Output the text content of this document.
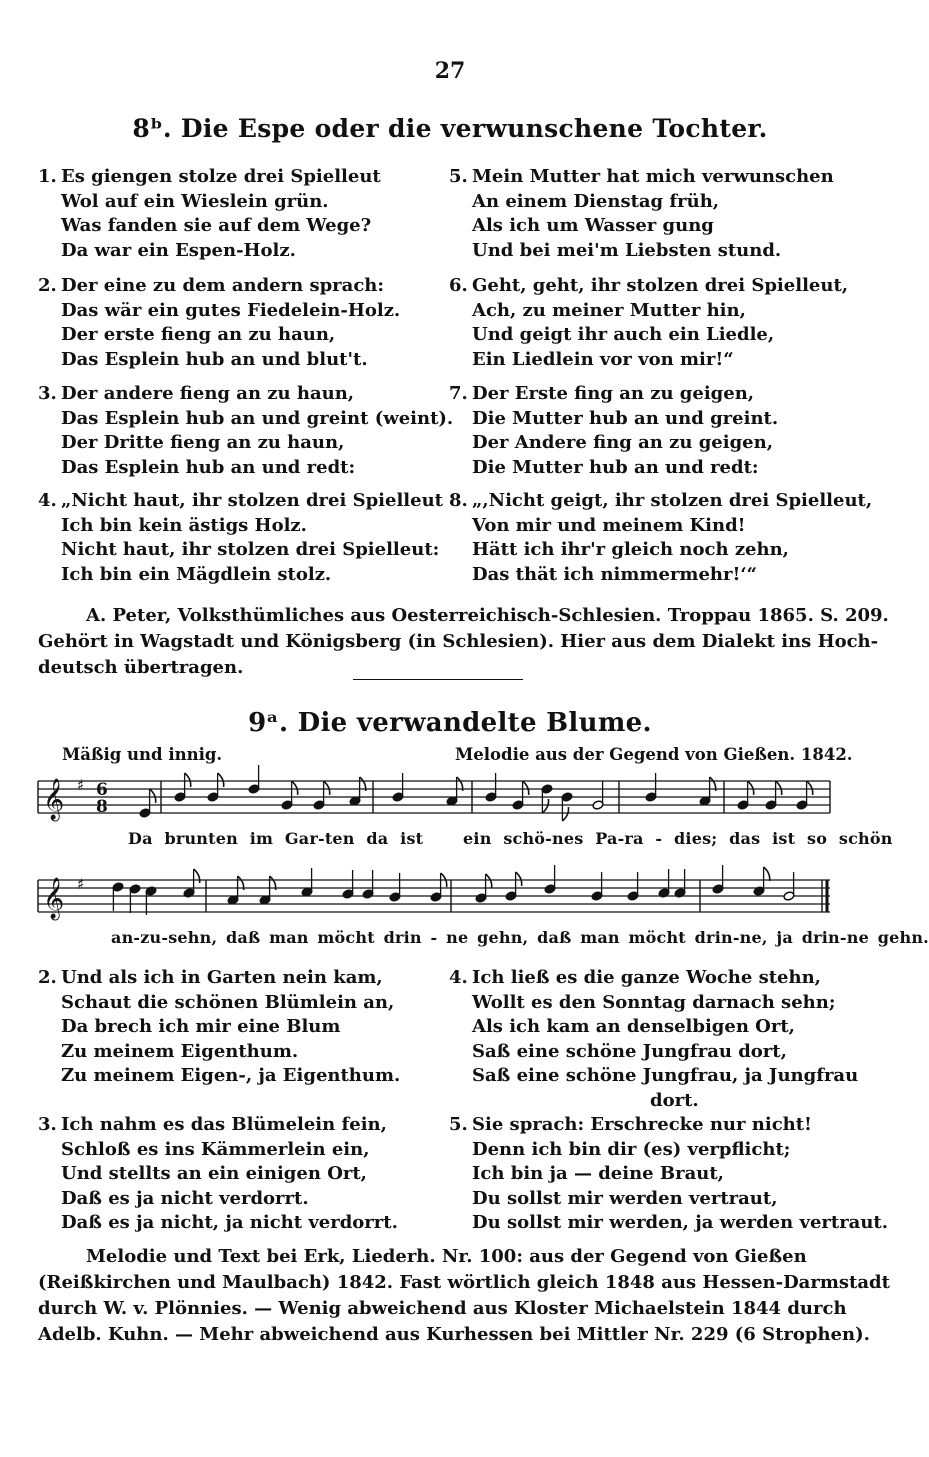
27
8ᵇ. Die Espe oder die verwunschene Tochter.
1. Es giengen stolze drei Spielleut
Wol auf ein Wieslein grün.
Was fanden sie auf dem Wege?
Da war ein Espen-Holz.
2. Der eine zu dem andern sprach:
Das wär ein gutes Fiedelein-Holz.
Der erste fieng an zu haun,
Das Esplein hub an und blut't.
3. Der andere fieng an zu haun,
Das Esplein hub an und greint (weint).
Der Dritte fieng an zu haun,
Das Esplein hub an und redt:
4. „Nicht haut, ihr stolzen drei Spielleut
Ich bin kein ästigs Holz.
Nicht haut, ihr stolzen drei Spielleut:
Ich bin ein Mägdlein stolz.
5. Mein Mutter hat mich verwunschen
An einem Dienstag früh,
Als ich um Wasser gung
Und bei mei'm Liebsten stund.
6. Geht, geht, ihr stolzen drei Spielleut,
Ach, zu meiner Mutter hin,
Und geigt ihr auch ein Liedle,
Ein Liedlein vor von mir!“
7. Der Erste fing an zu geigen,
Die Mutter hub an und greint.
Der Andere fing an zu geigen,
Die Mutter hub an und redt:
8. „,Nicht geigt, ihr stolzen drei Spielleut,
Von mir und meinem Kind!
Hätt ich ihr'r gleich noch zehn,
Das thät ich nimmermehr!‘“
A. Peter, Volksthümliches aus Oesterreichisch-Schlesien. Troppau 1865. S. 209.
Gehört in Wagstadt und Königsberg (in Schlesien). Hier aus dem Dialekt ins Hoch-
deutsch übertragen.
9ᵃ. Die verwandelte Blume.
Mäßig und innig.	Melodie aus der Gegend von Gießen. 1842.
𝄞 ♯ 6
8
𝄞 ♯
Da brunten im Gar-ten da ist ein schö-nes Pa-ra - dies; das ist so schön
an-zu-sehn, daß man möcht drin - ne gehn, daß man möcht drin-ne, ja drin-ne gehn.
2. Und als ich in Garten nein kam,
Schaut die schönen Blümlein an,
Da brech ich mir eine Blum
Zu meinem Eigenthum.
Zu meinem Eigen-, ja Eigenthum.
3. Ich nahm es das Blümelein fein,
Schloß es ins Kämmerlein ein,
Und stellts an ein einigen Ort,
Daß es ja nicht verdorrt.
Daß es ja nicht, ja nicht verdorrt.
4. Ich ließ es die ganze Woche stehn,
Wollt es den Sonntag darnach sehn;
Als ich kam an denselbigen Ort,
Saß eine schöne Jungfrau dort,
Saß eine schöne Jungfrau, ja Jungfrau
dort.
5. Sie sprach: Erschrecke nur nicht!
Denn ich bin dir (es) verpflicht;
Ich bin ja — deine Braut,
Du sollst mir werden vertraut,
Du sollst mir werden, ja werden vertraut.
Melodie und Text bei Erk, Liederh. Nr. 100: aus der Gegend von Gießen
(Reißkirchen und Maulbach) 1842. Fast wörtlich gleich 1848 aus Hessen-Darmstadt
durch W. v. Plönnies. — Wenig abweichend aus Kloster Michaelstein 1844 durch
Adelb. Kuhn. — Mehr abweichend aus Kurhessen bei Mittler Nr. 229 (6 Strophen).
